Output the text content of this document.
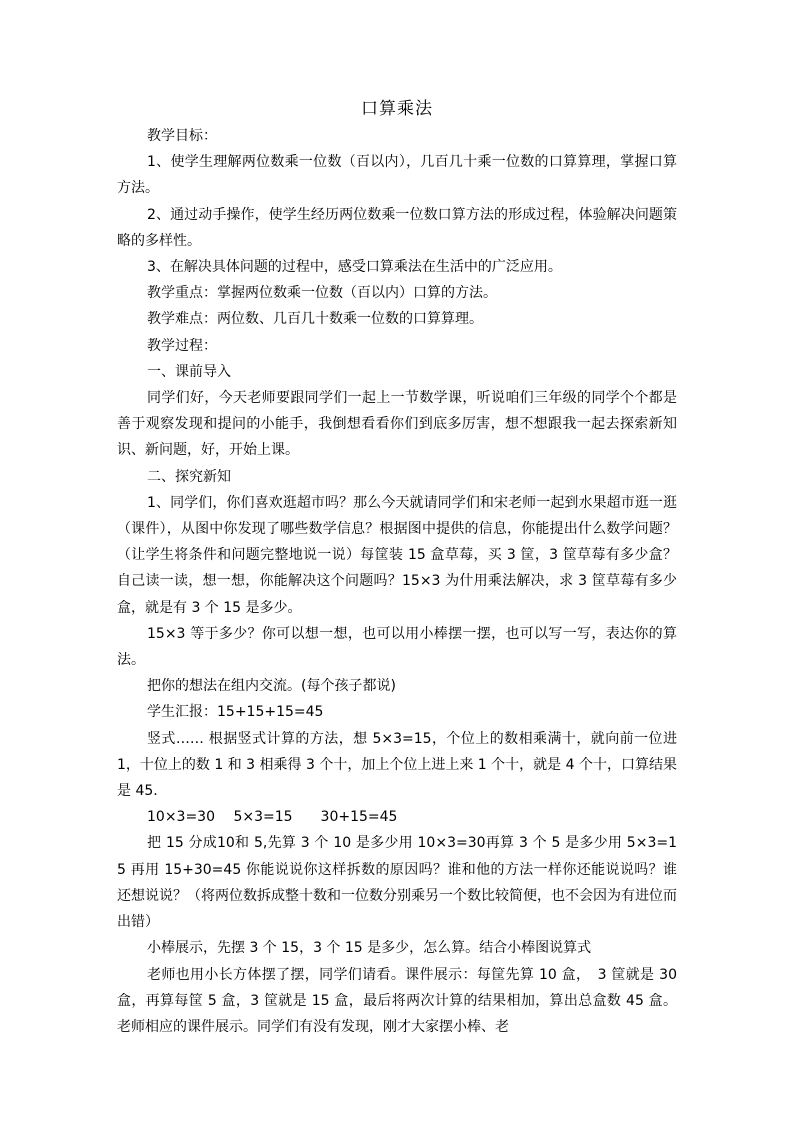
口算乘法

教学目标：

1、使学生理解两位数乘一位数（百以内），几百几十乘一位数的口算算理，掌握口算方法。

2、通过动手操作，使学生经历两位数乘一位数口算方法的形成过程，体验解决问题策略的多样性。

3、在解决具体问题的过程中，感受口算乘法在生活中的广泛应用。

教学重点：掌握两位数乘一位数（百以内）口算的方法。

教学难点：两位数、几百几十数乘一位数的口算算理。

教学过程：

一、课前导入

同学们好，今天老师要跟同学们一起上一节数学课，听说咱们三年级的同学个个都是善于观察发现和提问的小能手，我倒想看看你们到底多厉害，想不想跟我一起去探索新知识、新问题，好，开始上课。

二、探究新知

1、同学们，你们喜欢逛超市吗？那么今天就请同学们和宋老师一起到水果超市逛一逛（课件），从图中你发现了哪些数学信息？根据图中提供的信息，你能提出什么数学问题？（让学生将条件和问题完整地说一说）每筐装 15 盒草莓，买 3 筐，3 筐草莓有多少盒？自己读一读，想一想，你能解决这个问题吗？15×3 为什用乘法解决，求 3 筐草莓有多少盒，就是有 3 个 15 是多少。

15×3 等于多少？你可以想一想，也可以用小棒摆一摆，也可以写一写，表达你的算法。

把你的想法在组内交流。(每个孩子都说)

学生汇报：15+15+15=45

竖式…… 根据竖式计算的方法，想 5×3=15，个位上的数相乘满十，就向前一位进 1，十位上的数 1 和 3 相乘得 3 个十，加上个位上进上来 1 个十，就是 4 个十，口算结果是 45.

10×3=30　 5×3=15　　30+15=45

把 15 分成10和 5,先算 3 个 10 是多少用 10×3=30再算 3 个 5 是多少用 5×3=15 再用 15+30=45 你能说说你这样拆数的原因吗？谁和他的方法一样你还能说说吗？谁还想说说？（将两位数拆成整十数和一位数分别乘另一个数比较简便，也不会因为有进位而出错）

小棒展示，先摆 3 个 15，3 个 15 是多少，怎么算。结合小棒图说算式

老师也用小长方体摆了摆，同学们请看。课件展示：每筐先算 10 盒，　3 筐就是 30 盒，再算每筐 5 盒，3 筐就是 15 盒，最后将两次计算的结果相加，算出总盒数 45 盒。老师相应的课件展示。同学们有没有发现，刚才大家摆小棒、老
